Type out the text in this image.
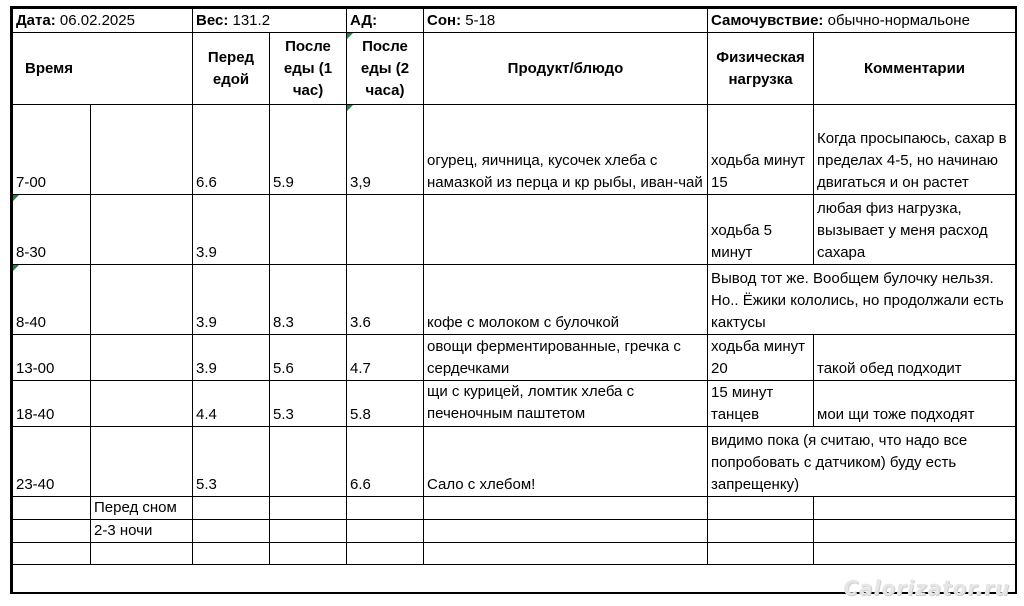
Дата: 06.02.2025		Вес: 131.2		АД:	Сон: 5-18	Самочувствие: обычно-нормальоне	
Время		Перед едой	После еды (1 час)	После еды (2 часа)	Продукт/блюдо	Физическая нагрузка	Комментарии
7-00		6.6	5.9	3,9	огурец, яичница, кусочек хлеба с намазкой из перца и кр рыбы, иван-чай	ходьба минут 15	Когда просыпаюсь, сахар в пределах 4-5, но начинаю двигаться и он растет
8-30		3.9				ходьба 5 минут	любая физ нагрузка, вызывает у меня расход сахара
8-40		3.9	8.3	3.6	кофе с молоком с булочкой	Вывод тот же. Вообщем булочку нельзя. Но.. Ёжики кололись, но продолжали есть кактусы	
13-00		3.9	5.6	4.7	овощи ферментированные, гречка с сердечками	ходьба минут 20	такой обед подходит
18-40		4.4	5.3	5.8	щи с курицей, ломтик хлеба с печеночным паштетом	15 минут танцев	мои щи тоже подходят
23-40		5.3		6.6	Сало с хлебом!	видимо пока (я считаю, что надо все попробовать с датчиком) буду есть запрещенку)	
	Перед сном						
	2-3 ночи						

Calorizator.ru
